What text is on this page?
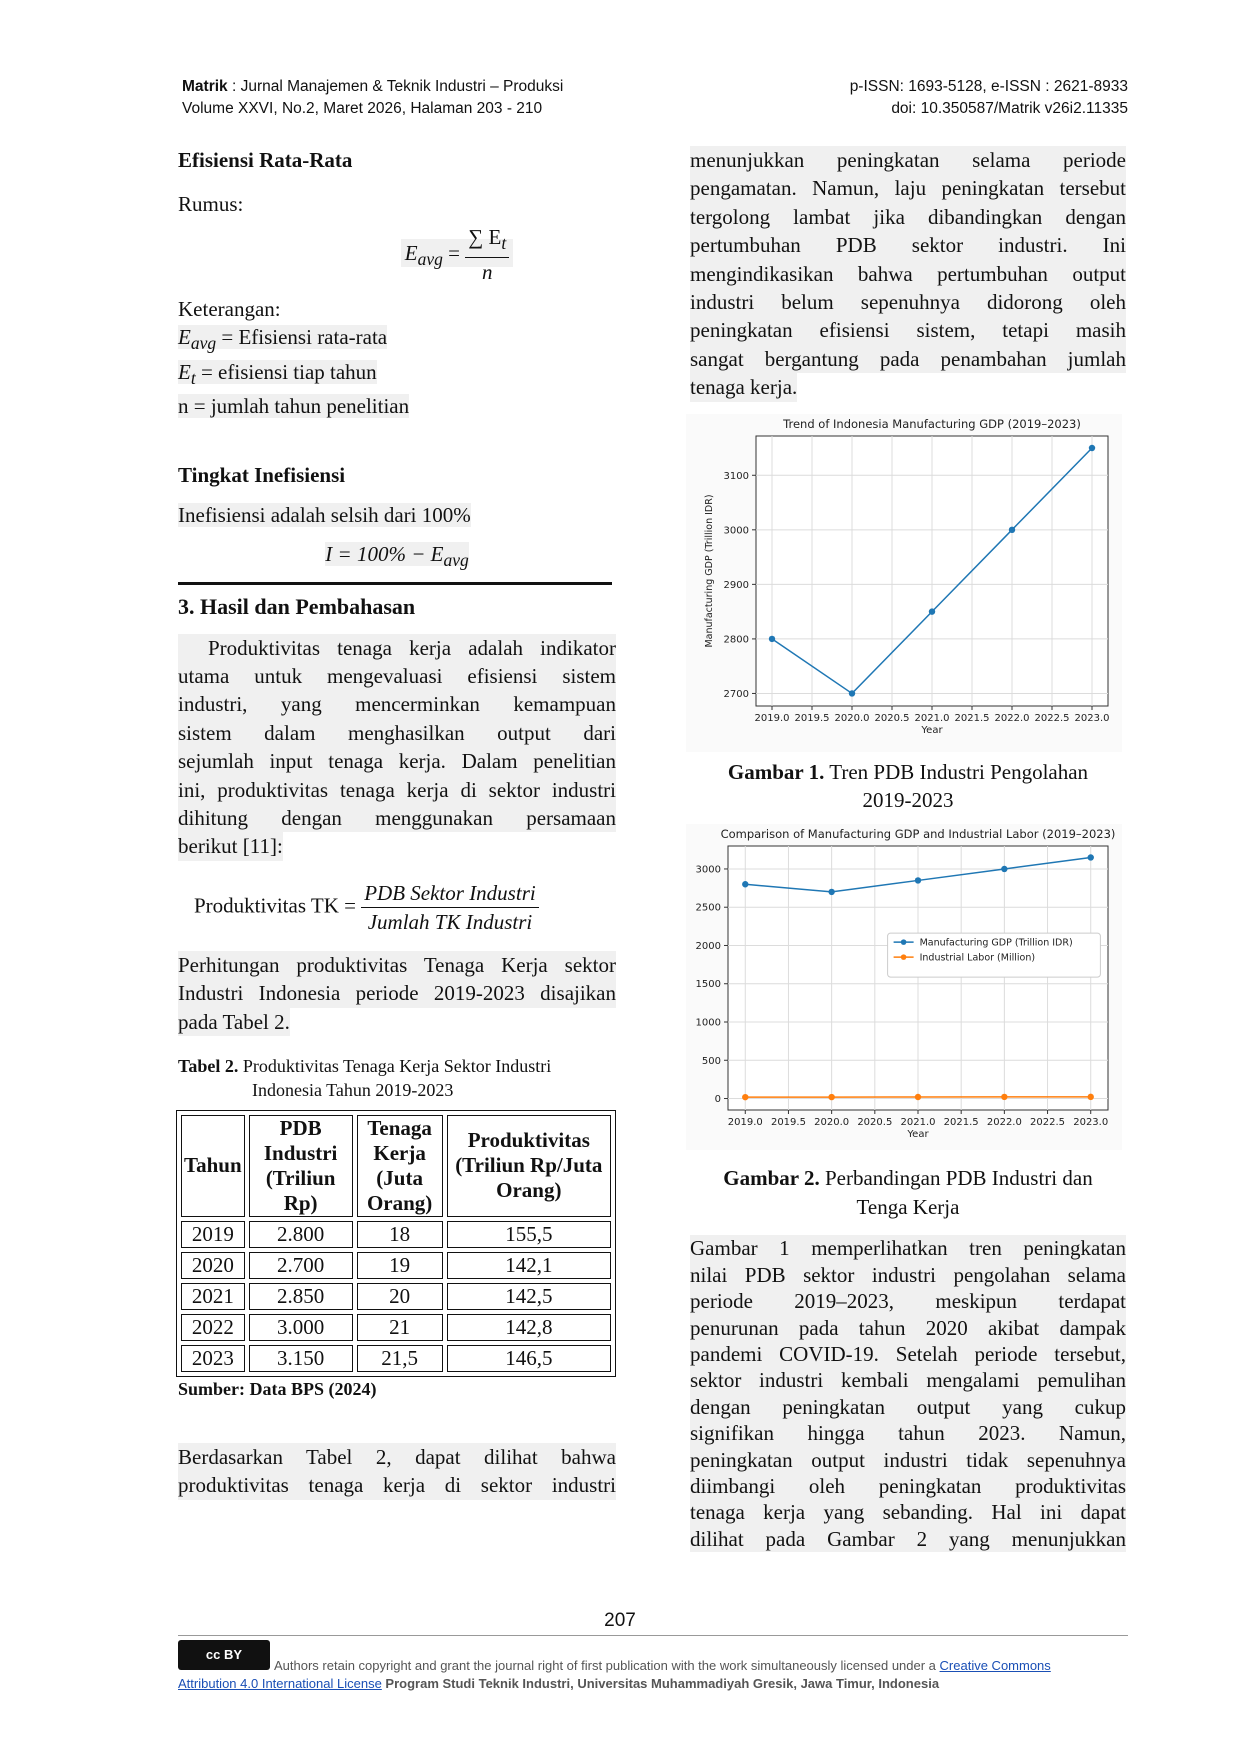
Matrik : Jurnal Manajemen & Teknik Industri – Produksi
Volume XXVI, No.2, Maret 2026, Halaman 203 - 210
p-ISSN: 1693-5128, e-ISSN : 2621-8933
doi: 10.350587/Matrik v26i2.11335
Efisiensi Rata-Rata
Rumus:
$E_{avg} = \frac{\sum E_t}{n}$
Keterangan:
$E_{avg}$ = Efisiensi rata-rata
$E_t$ = efisiensi tiap tahun
n = jumlah tahun penelitian
Tingkat Inefisiensi
Inefisiensi adalah selsih dari 100%
$I = 100\% - E_{avg}$
3. Hasil dan Pembahasan
Produktivitas tenaga kerja adalah indikator
utama untuk mengevaluasi efisiensi sistem
industri, yang mencerminkan kemampuan
sistem dalam menghasilkan output dari
sejumlah input tenaga kerja. Dalam penelitian
ini, produktivitas tenaga kerja di sektor industri
dihitung dengan menggunakan persamaan
berikut [11]:
Produktivitas TK = $\frac{\text{PDB Sektor Industri}}{\text{Jumlah TK Industri}}$
Perhitungan produktivitas Tenaga Kerja sektor
Industri Indonesia periode 2019-2023 disajikan
pada Tabel 2.
Tabel 2. Produktivitas Tenaga Kerja Sektor Industri
Indonesia Tahun 2019-2023
Tahun	PDB Industri (Triliun Rp)	Tenaga Kerja (Juta Orang)	Produktivitas (Triliun Rp/Juta Orang)
2019	2.800	18	155,5
2020	2.700	19	142,1
2021	2.850	20	142,5
2022	3.000	21	142,8
2023	3.150	21,5	146,5
Sumber: Data BPS (2024)
Berdasarkan Tabel 2, dapat dilihat bahwa
produktivitas tenaga kerja di sektor industri
menunjukkan peningkatan selama periode
pengamatan. Namun, laju peningkatan tersebut
tergolong lambat jika dibandingkan dengan
pertumbuhan PDB sektor industri. Ini
mengindikasikan bahwa pertumbuhan output
industri belum sepenuhnya didorong oleh
peningkatan efisiensi sistem, tetapi masih
sangat bergantung pada penambahan jumlah
tenaga kerja.
Trend of Indonesia Manufacturing GDP (2019–2023)
2019.0 2019.5 2020.0 2020.5 2021.0 2021.5 2022.0 2022.5 2023.0
2700
2800
2900
3000
3100
Year
Manufacturing GDP (Trillion IDR)
Gambar 1. Tren PDB Industri Pengolahan
2019-2023
Comparison of Manufacturing GDP and Industrial Labor (2019–2023)
2019.0 2019.5 2020.0 2020.5 2021.0 2021.5 2022.0 2022.5 2023.0
0
500
1000
1500
2000
2500
3000
Year
Manufacturing GDP (Trillion IDR)
Industrial Labor (Million)
Gambar 2. Perbandingan PDB Industri dan
Tenga Kerja
Gambar 1 memperlihatkan tren peningkatan
nilai PDB sektor industri pengolahan selama
periode 2019–2023, meskipun terdapat
penurunan pada tahun 2020 akibat dampak
pandemi COVID-19. Setelah periode tersebut,
sektor industri kembali mengalami pemulihan
dengan peningkatan output yang cukup
signifikan hingga tahun 2023. Namun,
peningkatan output industri tidak sepenuhnya
diimbangi oleh peningkatan produktivitas
tenaga kerja yang sebanding. Hal ini dapat
dilihat pada Gambar 2 yang menunjukkan
207
cc BY
Authors retain copyright and grant the journal right of first publication with the work simultaneously licensed under a Creative Commons
Attribution 4.0 International License Program Studi Teknik Industri, Universitas Muhammadiyah Gresik, Jawa Timur, Indonesia
